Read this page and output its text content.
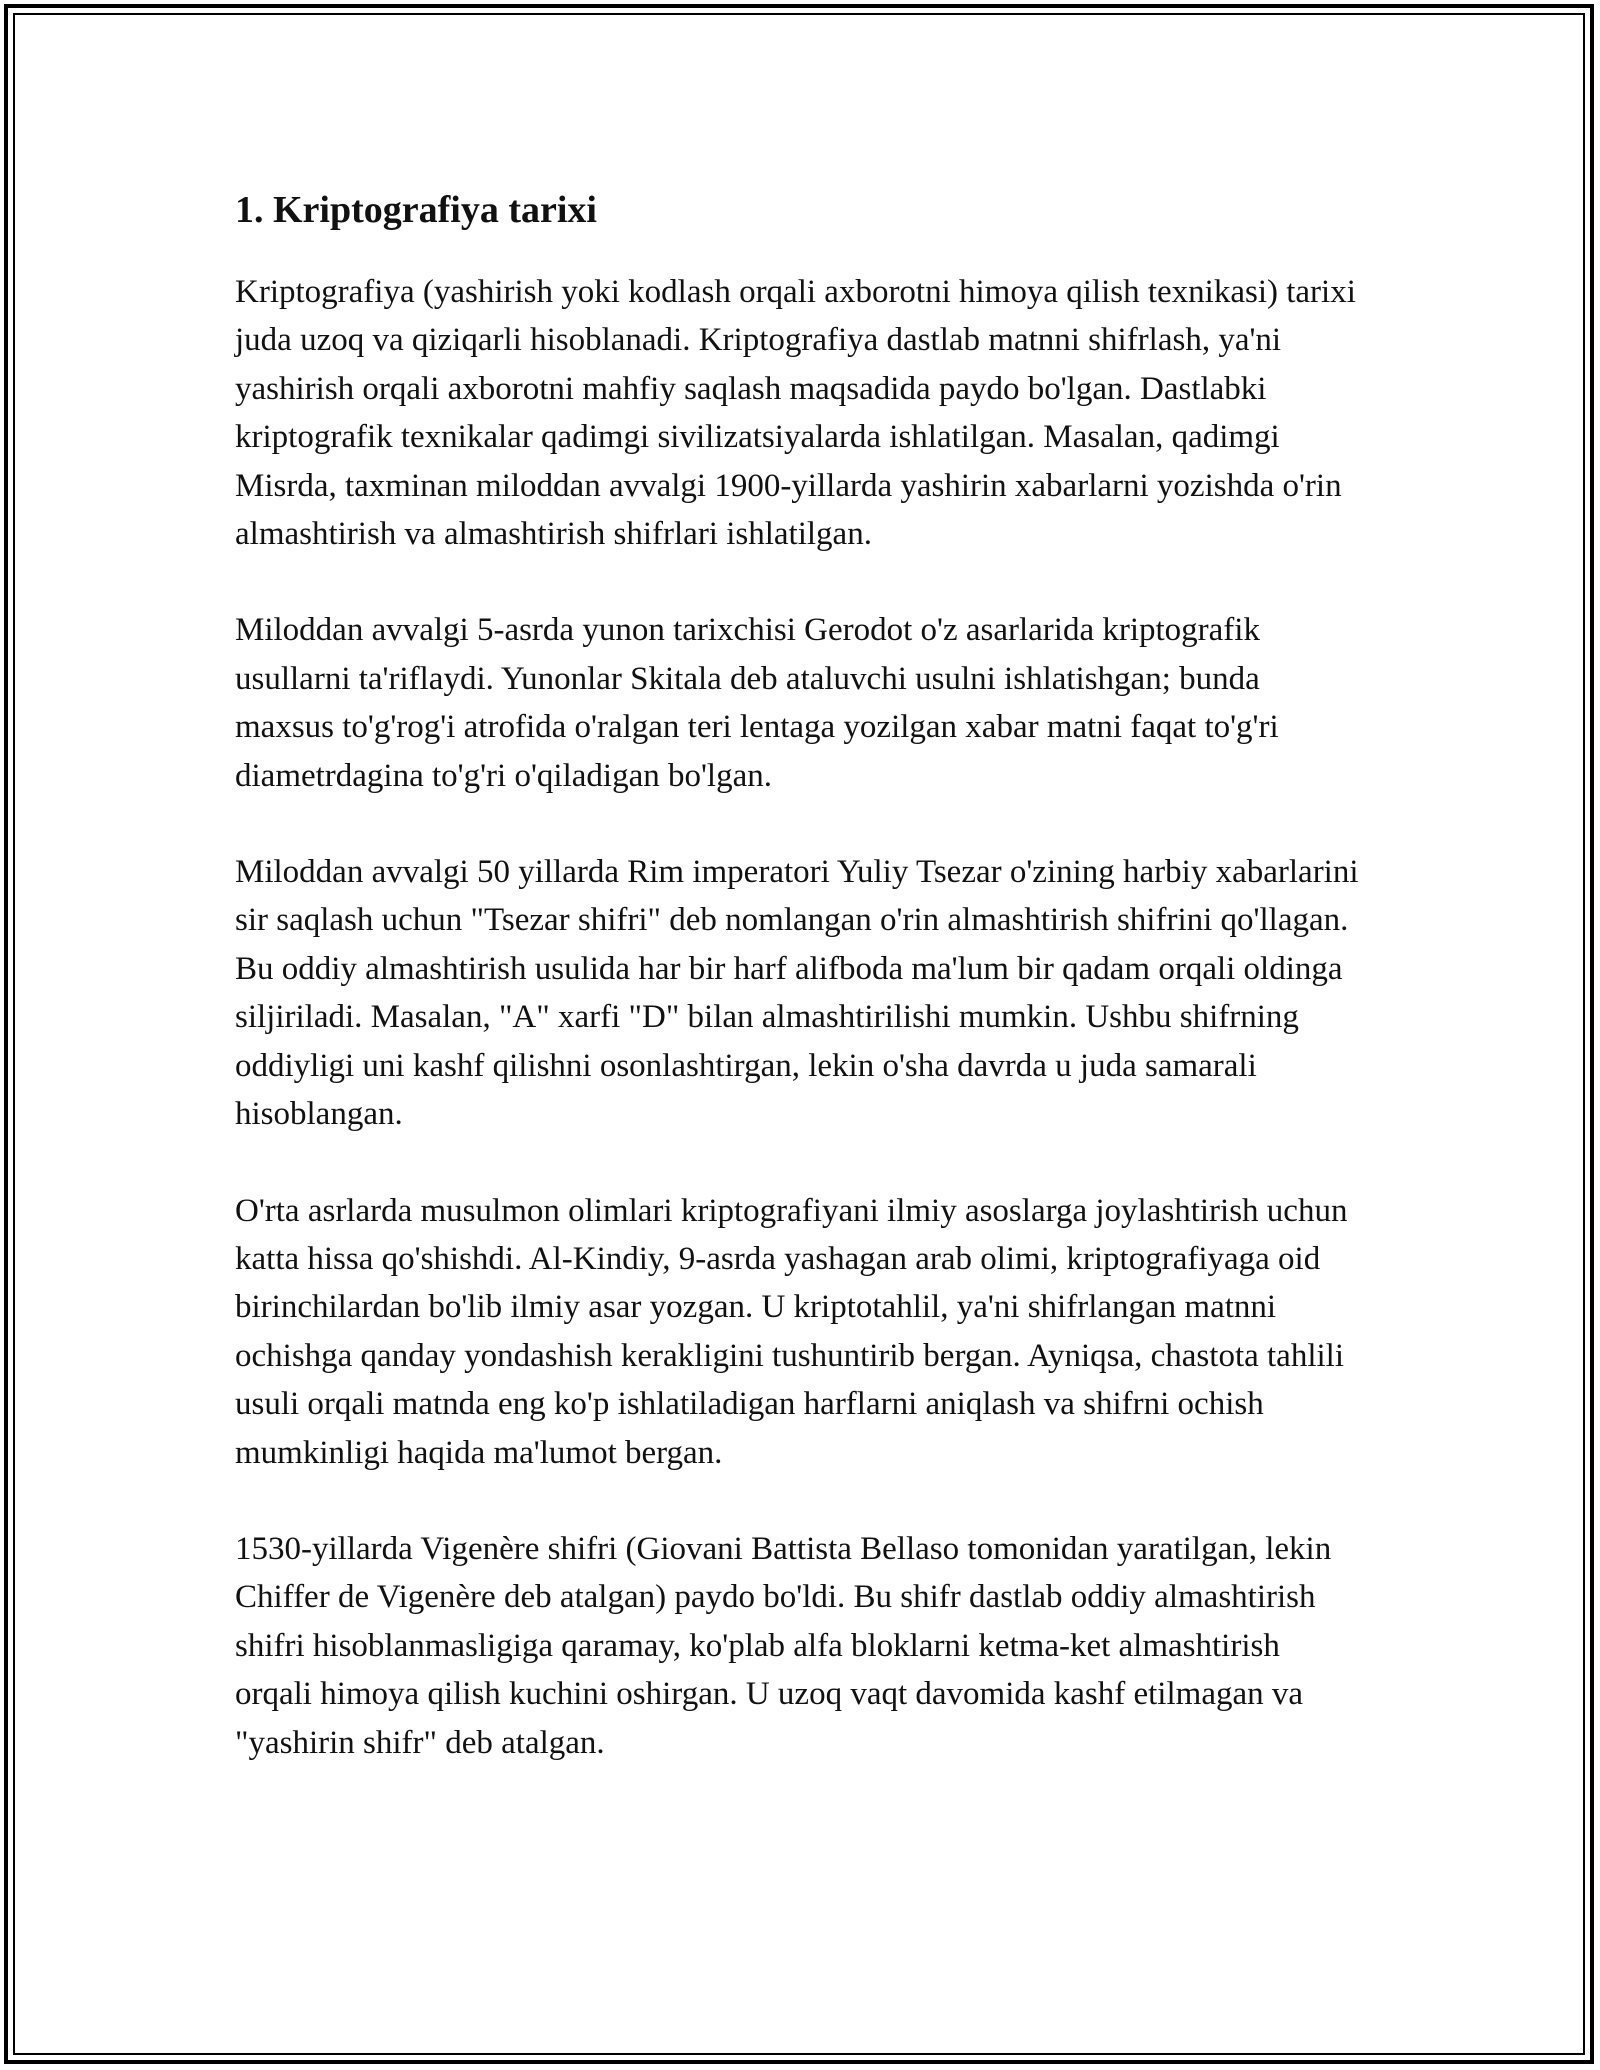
1. Kriptografiya tarixi

Kriptografiya (yashirish yoki kodlash orqali axborotni himoya qilish texnikasi) tarixi juda uzoq va qiziqarli hisoblanadi. Kriptografiya dastlab matnni shifrlash, ya'ni yashirish orqali axborotni mahfiy saqlash maqsadida paydo bo'lgan. Dastlabki kriptografik texnikalar qadimgi sivilizatsiyalarda ishlatilgan. Masalan, qadimgi Misrda, taxminan miloddan avvalgi 1900-yillarda yashirin xabarlarni yozishda o'rin almashtirish va almashtirish shifrlari ishlatilgan.

Miloddan avvalgi 5-asrda yunon tarixchisi Gerodot o'z asarlarida kriptografik usullarni ta'riflaydi. Yunonlar Skitala deb ataluvchi usulni ishlatishgan; bunda maxsus to'g'rog'i atrofida o'ralgan teri lentaga yozilgan xabar matni faqat to'g'ri diametrdagina to'g'ri o'qiladigan bo'lgan.

Miloddan avvalgi 50 yillarda Rim imperatori Yuliy Tsezar o'zining harbiy xabarlarini sir saqlash uchun "Tsezar shifri" deb nomlangan o'rin almashtirish shifrini qo'llagan. Bu oddiy almashtirish usulida har bir harf alifboda ma'lum bir qadam orqali oldinga siljiriladi. Masalan, "A" xarfi "D" bilan almashtirilishi mumkin. Ushbu shifrning oddiyligi uni kashf qilishni osonlashtirgan, lekin o'sha davrda u juda samarali hisoblangan.

O'rta asrlarda musulmon olimlari kriptografiyani ilmiy asoslarga joylashtirish uchun katta hissa qo'shishdi. Al-Kindiy, 9-asrda yashagan arab olimi, kriptografiyaga oid birinchilardan bo'lib ilmiy asar yozgan. U kriptotahlil, ya'ni shifrlangan matnni ochishga qanday yondashish kerakligini tushuntirib bergan. Ayniqsa, chastota tahlili usuli orqali matnda eng ko'p ishlatiladigan harflarni aniqlash va shifrni ochish mumkinligi haqida ma'lumot bergan.

1530-yillarda Vigenère shifri (Giovani Battista Bellaso tomonidan yaratilgan, lekin Chiffer de Vigenère deb atalgan) paydo bo'ldi. Bu shifr dastlab oddiy almashtirish shifri hisoblanmasligiga qaramay, ko'plab alfa bloklarni ketma-ket almashtirish orqali himoya qilish kuchini oshirgan. U uzoq vaqt davomida kashf etilmagan va "yashirin shifr" deb atalgan.
